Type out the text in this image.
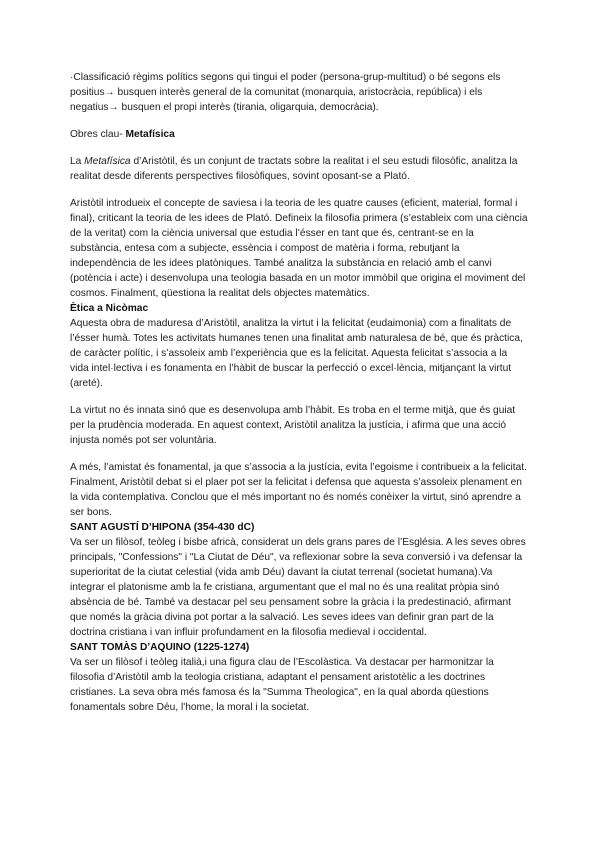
·Classificació règims polítics segons qui tingui el poder (persona-grup-multitud) o bé segons els positius→ busquen interès general de la comunitat (monarquia, aristocràcia, república) i els negatius→ busquen el propi interès (tirania, oligarquia, democràcia).

Obres clau- Metafísica

La Metafísica d’Aristòtil, és un conjunt de tractats sobre la realitat i el seu estudi filosòfic, analitza la realitat desde diferents perspectives filosòfiques, sovint oposant-se a Plató.

Aristòtil introdueix el concepte de saviesa i la teoria de les quatre causes (eficient, material, formal i final), criticant la teoria de les idees de Plató. Defineix la filosofia primera (s’estableix com una ciència de la veritat) com la ciència universal que estudia l’ésser en tant que és, centrant-se en la substància, entesa com a subjecte, essència i compost de matèria i forma, rebutjant la independència de les idees platòniques. També analitza la substància en relació amb el canvi (potència i acte) i desenvolupa una teologia basada en un motor immòbil que origina el moviment del cosmos. Finalment, qüestiona la realitat dels objectes matemàtics.

Ètica a Nicòmac

Aquesta obra de maduresa d’Aristòtil, analitza la virtut i la felicitat (eudaimonia) com a finalitats de l’ésser humà. Totes les activitats humanes tenen una finalitat amb naturalesa de bé, que és pràctica, de caràcter polític, i s’assoleix amb l’experiència que es la felicitat. Aquesta felicitat s’associa a la vida intel·lectiva i es fonamenta en l’hàbit de buscar la perfecció o excel·lència, mitjançant la virtut (areté).

La virtut no és innata sinó que es desenvolupa amb l’hàbit. Es troba en el terme mitjà, que és guiat per la prudència moderada. En aquest context, Aristòtil analitza la justícia, i afirma que una acció injusta només pot ser voluntària.

A més, l’amistat és fonamental, ja que s’associa a la justícia, evita l’egoisme i contribueix a la felicitat. Finalment, Aristòtil debat si el plaer pot ser la felicitat i defensa que aquesta s’assoleix plenament en la vida contemplativa. Conclou que el més important no és només conèixer la virtut, sinó aprendre a ser bons.

SANT AGUSTÍ D’HIPONA (354-430 dC)

Va ser un filòsof, teòleg i bisbe africà, considerat un dels grans pares de l’Església. A les seves obres principals, "Confessions" i "La Ciutat de Déu", va reflexionar sobre la seva conversió i va defensar la superioritat de la ciutat celestial (vida amb Déu) davant la ciutat terrenal (societat humana).Va integrar el platonisme amb la fe cristiana, argumentant que el mal no és una realitat pròpia sinó absència de bé. També va destacar pel seu pensament sobre la gràcia i la predestinació, afirmant que només la gràcia divina pot portar a la salvació. Les seves idees van definir gran part de la doctrina cristiana i van influir profundament en la filosofia medieval i occidental.

SANT TOMÀS D’AQUINO (1225-1274)

Va ser un filòsof i teòleg italià,i una figura clau de l’Escolàstica. Va destacar per harmonitzar la filosofia d’Aristòtil amb la teologia cristiana, adaptant el pensament aristotèlic a les doctrines cristianes. La seva obra més famosa és la "Summa Theologica", en la qual aborda qüestions fonamentals sobre Déu, l'home, la moral i la societat.
